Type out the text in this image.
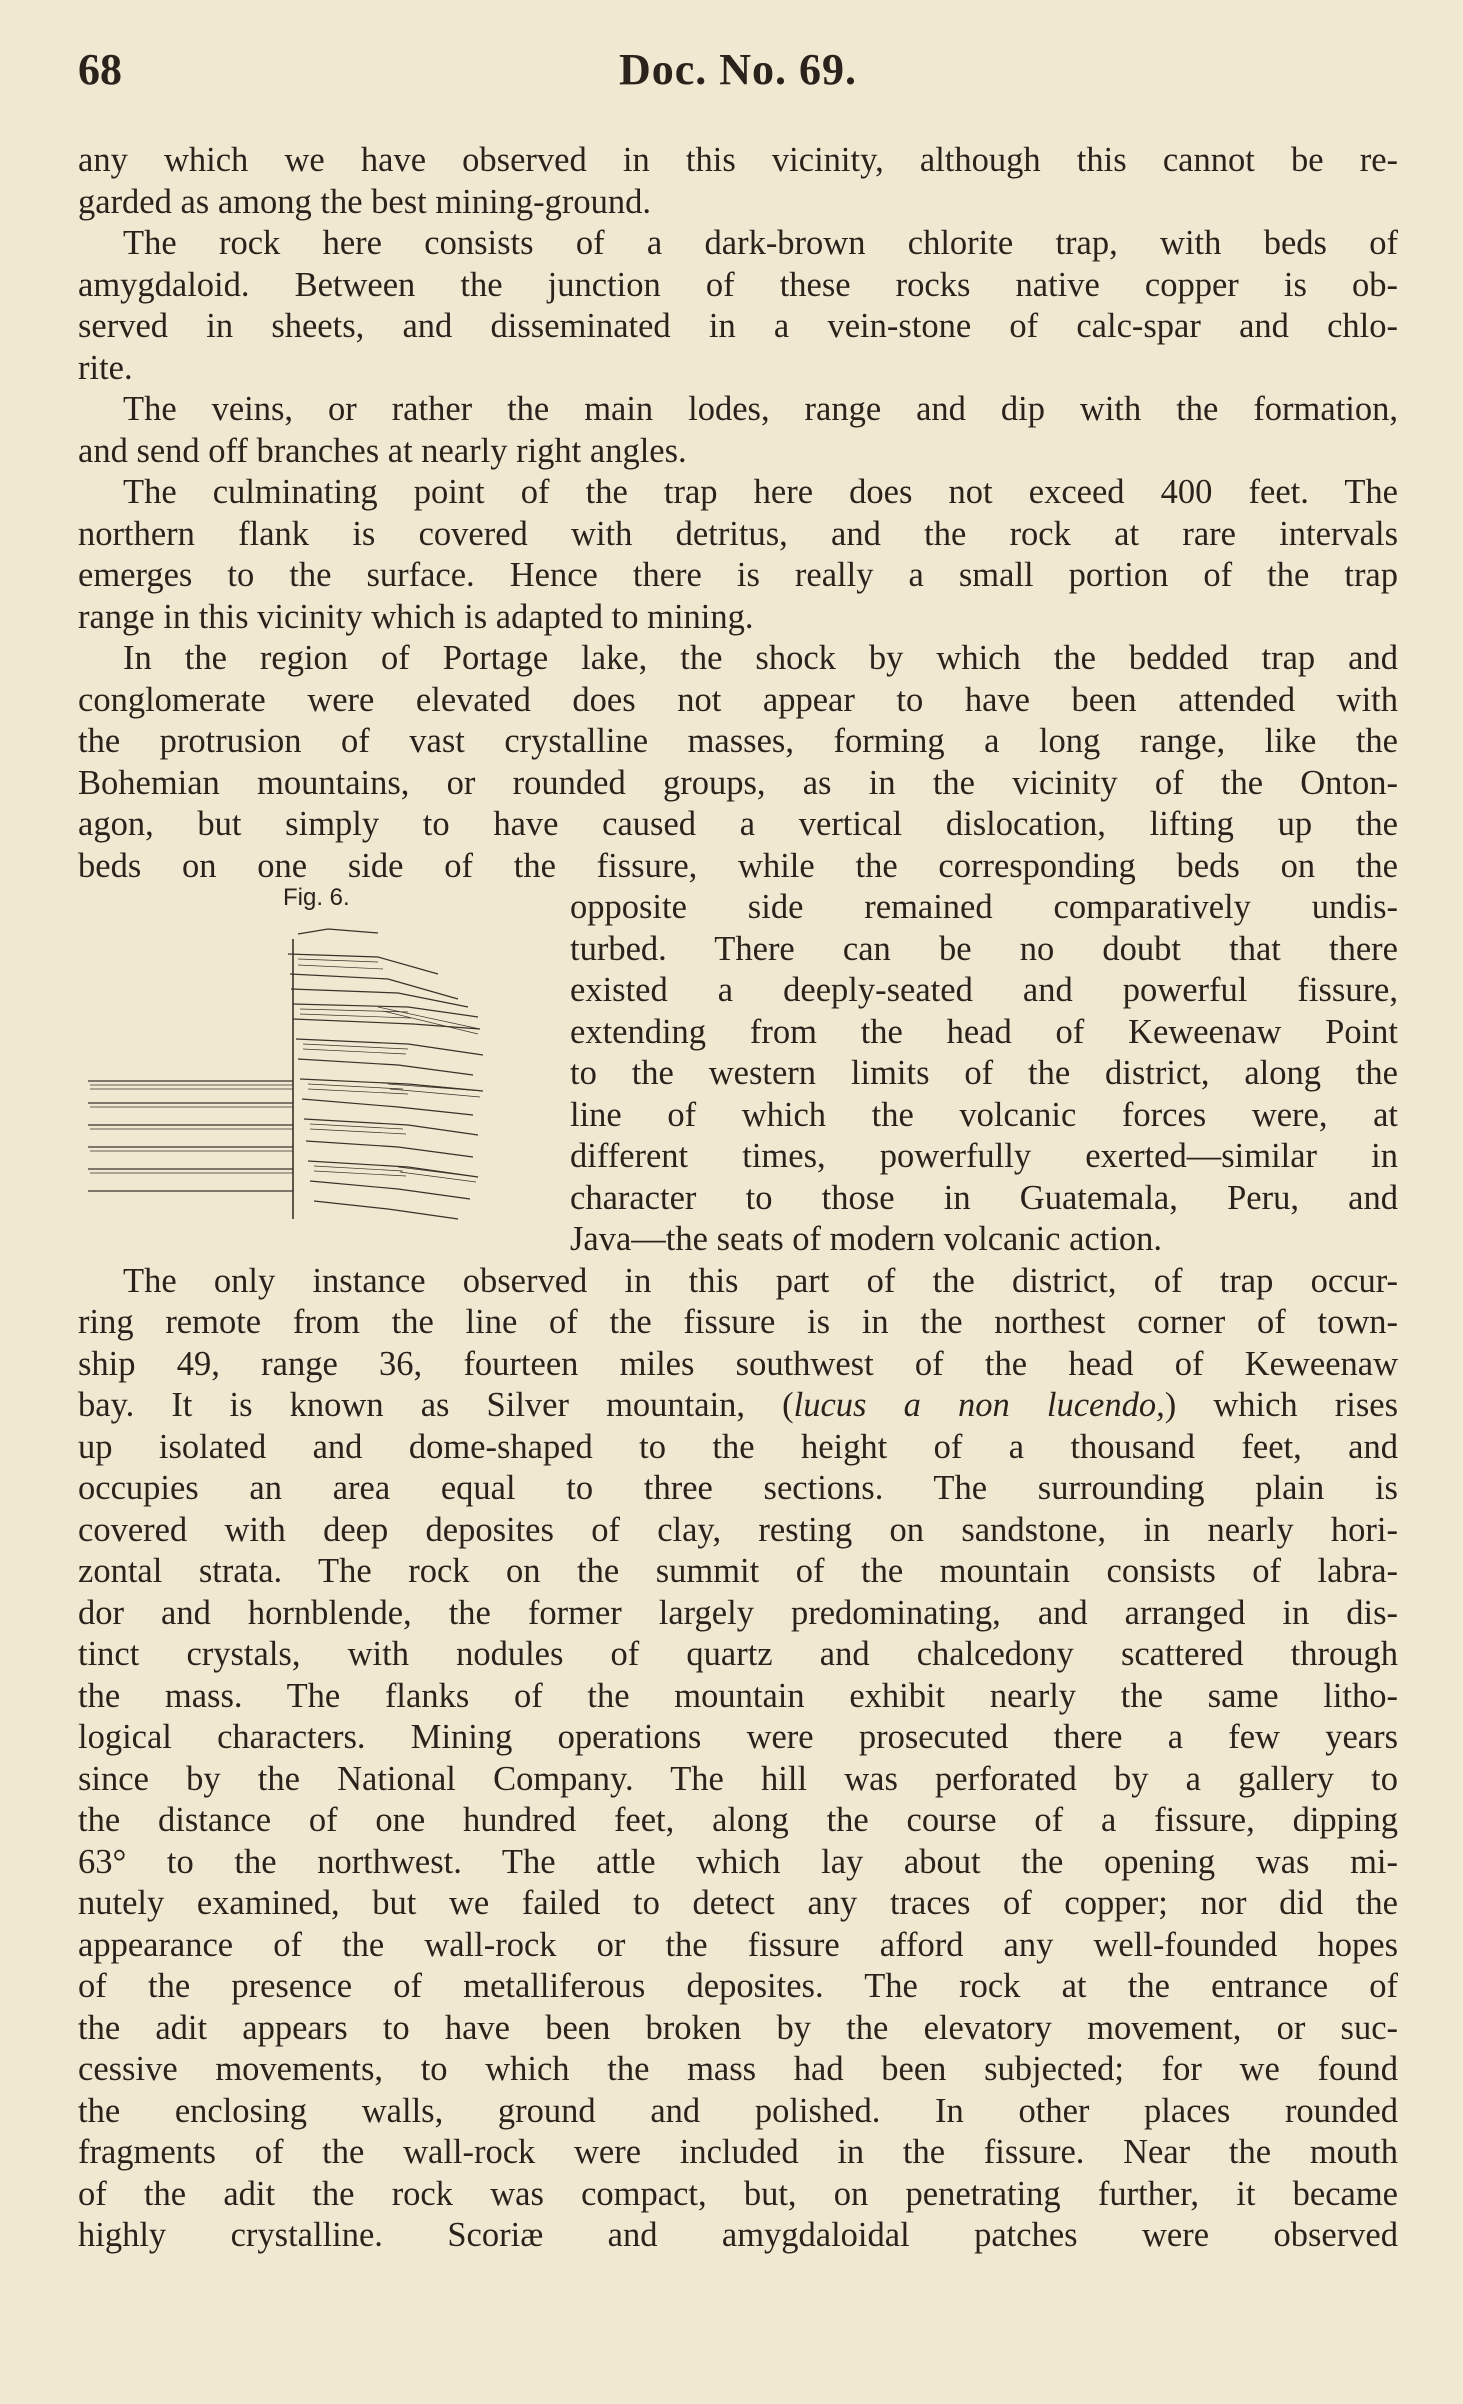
68	Doc. No. 69.
any which we have observed in this vicinity, although this cannot be re-
garded as among the best mining-ground.
The rock here consists of a dark-brown chlorite trap, with beds of
amygdaloid. Between the junction of these rocks native copper is ob-
served in sheets, and disseminated in a vein-stone of calc-spar and chlo-
rite.
The veins, or rather the main lodes, range and dip with the formation,
and send off branches at nearly right angles.
The culminating point of the trap here does not exceed 400 feet. The
northern flank is covered with detritus, and the rock at rare intervals
emerges to the surface. Hence there is really a small portion of the trap
range in this vicinity which is adapted to mining.
In the region of Portage lake, the shock by which the bedded trap and
conglomerate were elevated does not appear to have been attended with
the protrusion of vast crystalline masses, forming a long range, like the
Bohemian mountains, or rounded groups, as in the vicinity of the Onton-
agon, but simply to have caused a vertical dislocation, lifting up the
beds on one side of the fissure, while the corresponding beds on the
Fig. 6.	opposite side remained comparatively undis-
turbed. There can be no doubt that there
existed a deeply-seated and powerful fissure,
extending from the head of Keweenaw Point
to the western limits of the district, along the
line of which the volcanic forces were, at
different times, powerfully exerted—similar in
character to those in Guatemala, Peru, and
Java—the seats of modern volcanic action.
The only instance observed in this part of the district, of trap occur-
ring remote from the line of the fissure is in the northest corner of town-
ship 49, range 36, fourteen miles southwest of the head of Keweenaw
bay. It is known as Silver mountain, (lucus a non lucendo,) which rises
up isolated and dome-shaped to the height of a thousand feet, and
occupies an area equal to three sections. The surrounding plain is
covered with deep deposites of clay, resting on sandstone, in nearly hori-
zontal strata. The rock on the summit of the mountain consists of labra-
dor and hornblende, the former largely predominating, and arranged in dis-
tinct crystals, with nodules of quartz and chalcedony scattered through
the mass. The flanks of the mountain exhibit nearly the same litho-
logical characters. Mining operations were prosecuted there a few years
since by the National Company. The hill was perforated by a gallery to
the distance of one hundred feet, along the course of a fissure, dipping
63° to the northwest. The attle which lay about the opening was mi-
nutely examined, but we failed to detect any traces of copper; nor did the
appearance of the wall-rock or the fissure afford any well-founded hopes
of the presence of metalliferous deposites. The rock at the entrance of
the adit appears to have been broken by the elevatory movement, or suc-
cessive movements, to which the mass had been subjected; for we found
the enclosing walls, ground and polished. In other places rounded
fragments of the wall-rock were included in the fissure. Near the mouth
of the adit the rock was compact, but, on penetrating further, it became
highly crystalline. Scoriæ and amygdaloidal patches were observed
